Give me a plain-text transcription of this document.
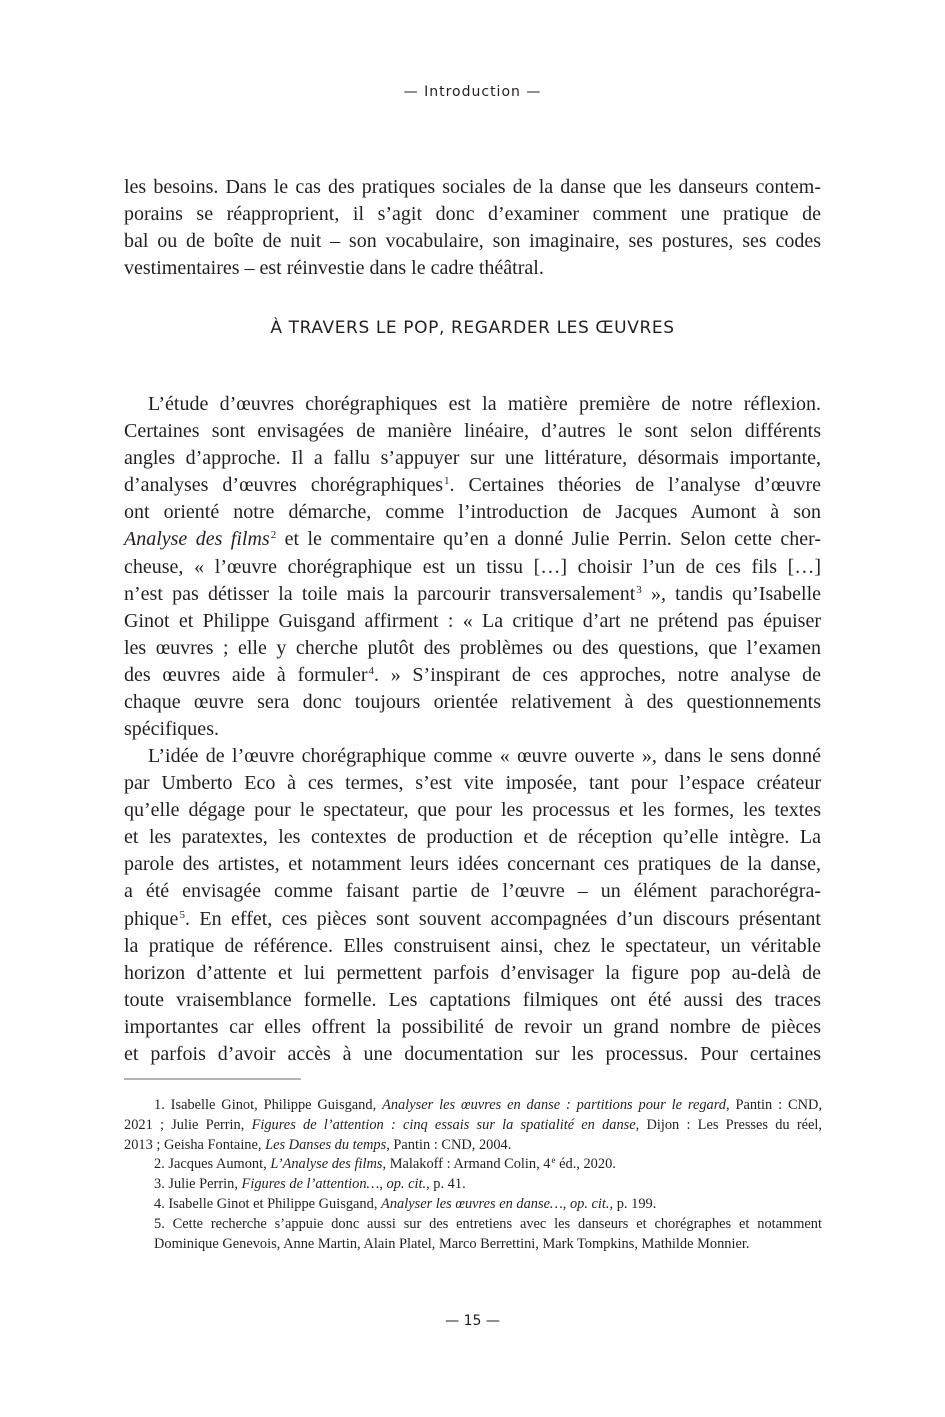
— Introduction —
les besoins. Dans le cas des pratiques sociales de la danse que les danseurs contem-
porains se réapproprient, il s’agit donc d’examiner comment une pratique de
bal ou de boîte de nuit – son vocabulaire, son imaginaire, ses postures, ses codes
vestimentaires – est réinvestie dans le cadre théâtral.
À TRAVERS LE POP, REGARDER LES ŒUVRES
L’étude d’œuvres chorégraphiques est la matière première de notre réflexion.
Certaines sont envisagées de manière linéaire, d’autres le sont selon différents
angles d’approche. Il a fallu s’appuyer sur une littérature, désormais importante,
d’analyses d’œuvres chorégraphiques$^1$. Certaines théories de l’analyse d’œuvre
ont orienté notre démarche, comme l’introduction de Jacques Aumont à son
Analyse des films$^2$ et le commentaire qu’en a donné Julie Perrin. Selon cette cher-
cheuse, « l’œuvre chorégraphique est un tissu […] choisir l’un de ces fils […]
n’est pas détisser la toile mais la parcourir transversalement$^3$ », tandis qu’Isabelle
Ginot et Philippe Guisgand affirment : « La critique d’art ne prétend pas épuiser
les œuvres ; elle y cherche plutôt des problèmes ou des questions, que l’examen
des œuvres aide à formuler$^4$. » S’inspirant de ces approches, notre analyse de
chaque œuvre sera donc toujours orientée relativement à des questionnements
spécifiques.
L’idée de l’œuvre chorégraphique comme « œuvre ouverte », dans le sens donné
par Umberto Eco à ces termes, s’est vite imposée, tant pour l’espace créateur
qu’elle dégage pour le spectateur, que pour les processus et les formes, les textes
et les paratextes, les contextes de production et de réception qu’elle intègre. La
parole des artistes, et notamment leurs idées concernant ces pratiques de la danse,
a été envisagée comme faisant partie de l’œuvre – un élément parachorégra-
phique$^5$. En effet, ces pièces sont souvent accompagnées d’un discours présentant
la pratique de référence. Elles construisent ainsi, chez le spectateur, un véritable
horizon d’attente et lui permettent parfois d’envisager la figure pop au-delà de
toute vraisemblance formelle. Les captations filmiques ont été aussi des traces
importantes car elles offrent la possibilité de revoir un grand nombre de pièces
et parfois d’avoir accès à une documentation sur les processus. Pour certaines
1. Isabelle Ginot, Philippe Guisgand, Analyser les œuvres en danse : partitions pour le regard, Pantin : CND,
2021 ; Julie Perrin, Figures de l’attention : cinq essais sur la spatialité en danse, Dijon : Les Presses du réel,
2013 ; Geisha Fontaine, Les Danses du temps, Pantin : CND, 2004.
2. Jacques Aumont, L’Analyse des films, Malakoff : Armand Colin, 4e éd., 2020.
3. Julie Perrin, Figures de l’attention…, op. cit., p. 41.
4. Isabelle Ginot et Philippe Guisgand, Analyser les œuvres en danse…, op. cit., p. 199.
5. Cette recherche s’appuie donc aussi sur des entretiens avec les danseurs et chorégraphes et notamment
Dominique Genevois, Anne Martin, Alain Platel, Marco Berrettini, Mark Tompkins, Mathilde Monnier.
— 15 —
